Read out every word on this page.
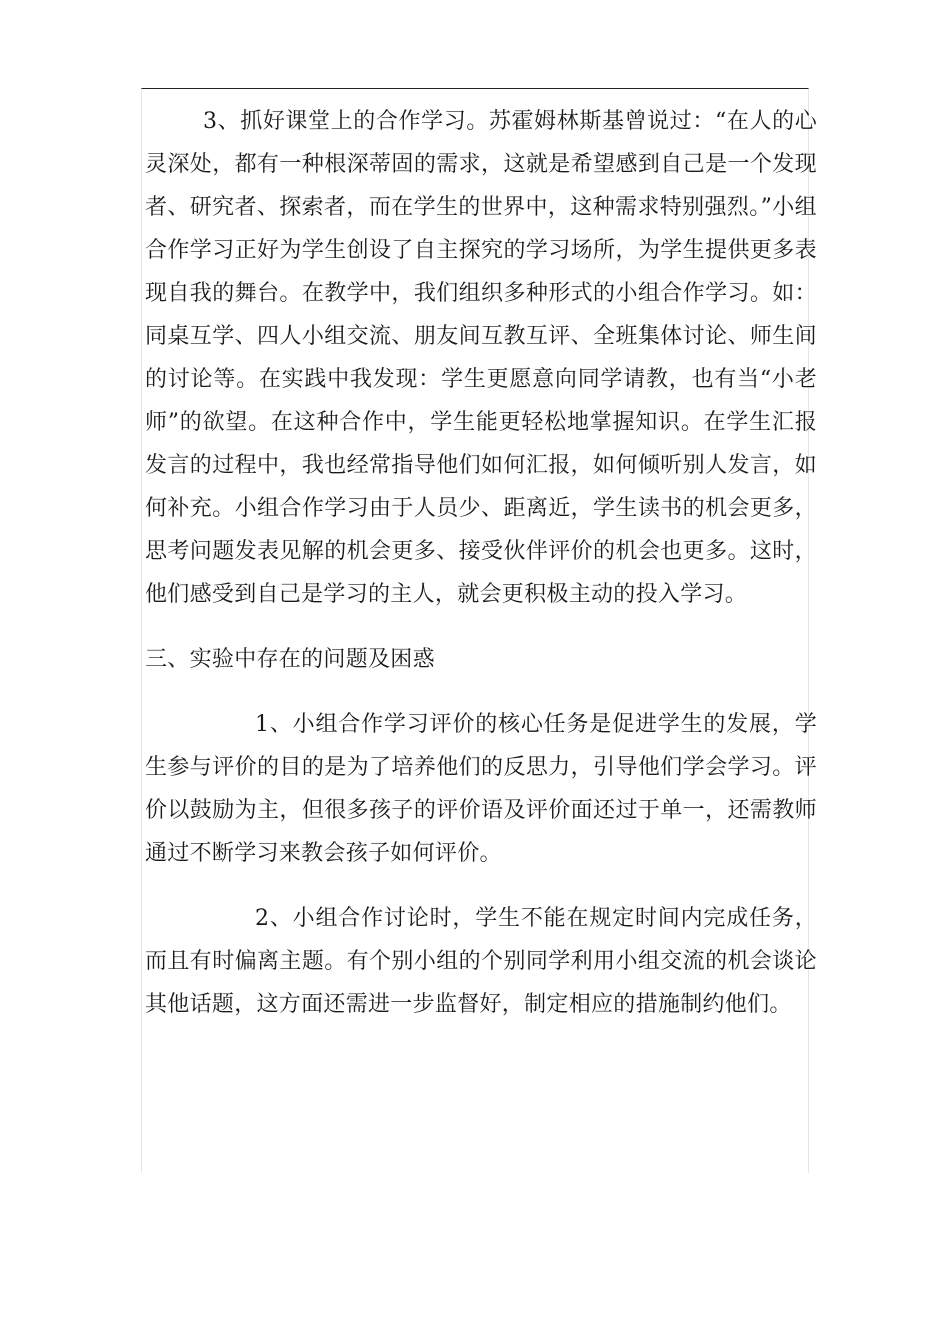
3、抓好课堂上的合作学习。苏霍姆林斯基曾说过：“在人的心灵深处，都有一种根深蒂固的需求，这就是希望感到自己是一个发现者、研究者、探索者，而在学生的世界中，这种需求特别强烈。”小组合作学习正好为学生创设了自主探究的学习场所，为学生提供更多表现自我的舞台。在教学中，我们组织多种形式的小组合作学习。如：同桌互学、四人小组交流、朋友间互教互评、全班集体讨论、师生间的讨论等。在实践中我发现：学生更愿意向同学请教，也有当“小老师”的欲望。在这种合作中，学生能更轻松地掌握知识。在学生汇报发言的过程中，我也经常指导他们如何汇报，如何倾听别人发言，如何补充。小组合作学习由于人员少、距离近，学生读书的机会更多，思考问题发表见解的机会更多、接受伙伴评价的机会也更多。这时，他们感受到自己是学习的主人，就会更积极主动的投入学习。

三、实验中存在的问题及困惑

1、小组合作学习评价的核心任务是促进学生的发展，学生参与评价的目的是为了培养他们的反思力，引导他们学会学习。评价以鼓励为主，但很多孩子的评价语及评价面还过于单一，还需教师通过不断学习来教会孩子如何评价。

2、小组合作讨论时，学生不能在规定时间内完成任务，而且有时偏离主题。有个别小组的个别同学利用小组交流的机会谈论其他话题，这方面还需进一步监督好，制定相应的措施制约他们。
